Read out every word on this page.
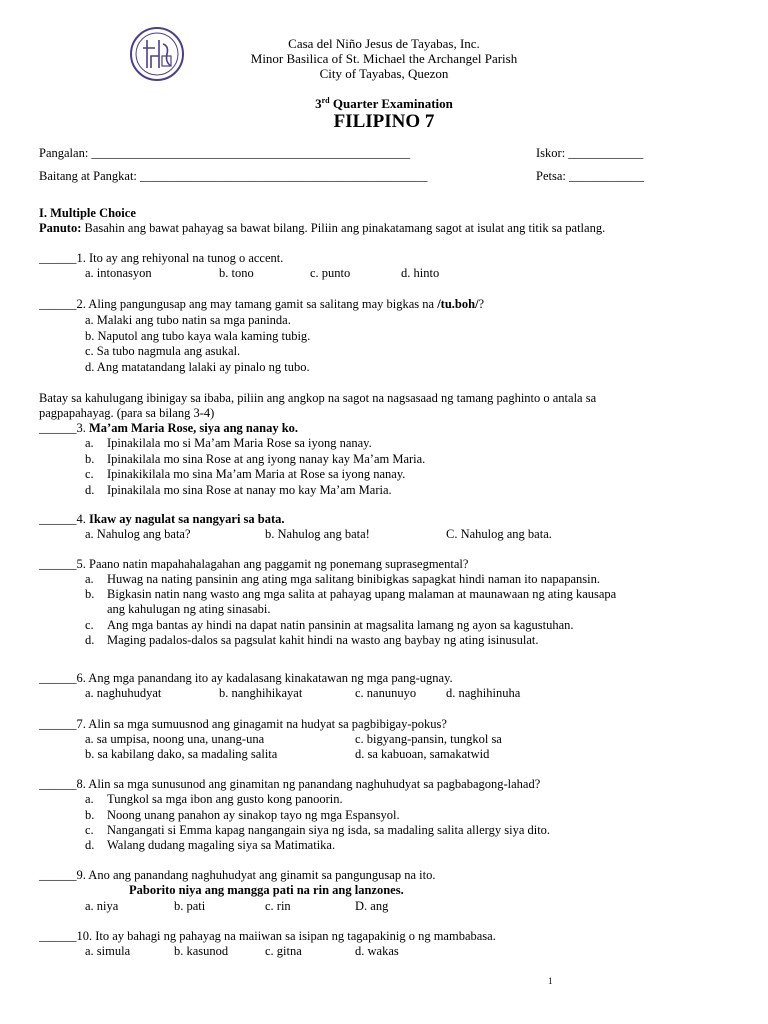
Casa del Niño Jesus de Tayabas, Inc.
Minor Basilica of St. Michael the Archangel Parish
City of Tayabas, Quezon
3rd Quarter Examination
FILIPINO 7
Pangalan: ___________________________________________________	Iskor: ____________
Baitang at Pangkat: ______________________________________________	Petsa: ____________
I. Multiple Choice
Panuto: Basahin ang bawat pahayag sa bawat bilang. Piliin ang pinakatamang sagot at isulat ang titik sa patlang.
______1. Ito ay ang rehiyonal na tunog o accent.
a. intonasyon	b. tono	c. punto	d. hinto
______2. Aling pangungusap ang may tamang gamit sa salitang may bigkas na /tu.boh/?
a. Malaki ang tubo natin sa mga paninda.
b. Naputol ang tubo kaya wala kaming tubig.
c. Sa tubo nagmula ang asukal.
d. Ang matatandang lalaki ay pinalo ng tubo.
Batay sa kahulugang ibinigay sa ibaba, piliin ang angkop na sagot na nagsasaad ng tamang paghinto o antala sa
pagpapahayag. (para sa bilang 3-4)
______3. Ma’am Maria Rose, siya ang nanay ko.
a. Ipinakilala mo si Ma’am Maria Rose sa iyong nanay.
b. Ipinakilala mo sina Rose at ang iyong nanay kay Ma’am Maria.
c. Ipinakikilala mo sina Ma’am Maria at Rose sa iyong nanay.
d. Ipinakilala mo sina Rose at nanay mo kay Ma’am Maria.
______4. Ikaw ay nagulat sa nangyari sa bata.
a. Nahulog ang bata?	b. Nahulog ang bata!	C. Nahulog ang bata.
______5. Paano natin mapahahalagahan ang paggamit ng ponemang suprasegmental?
a. Huwag na nating pansinin ang ating mga salitang binibigkas sapagkat hindi naman ito napapansin.
b. Bigkasin natin nang wasto ang mga salita at pahayag upang malaman at maunawaan ng ating kausapa
ang kahulugan ng ating sinasabi.
c. Ang mga bantas ay hindi na dapat natin pansinin at magsalita lamang ng ayon sa kagustuhan.
d. Maging padalos-dalos sa pagsulat kahit hindi na wasto ang baybay ng ating isinusulat.
______6. Ang mga panandang ito ay kadalasang kinakatawan ng mga pang-ugnay.
a. naghuhudyat	b. nanghihikayat	c. nanunuyo d. naghihinuha
______7. Alin sa mga sumuusnod ang ginagamit na hudyat sa pagbibigay-pokus?
a. sa umpisa, noong una, unang-una	c. bigyang-pansin, tungkol sa
b. sa kabilang dako, sa madaling salita	d. sa kabuoan, samakatwid
______8. Alin sa mga sunusunod ang ginamitan ng panandang naghuhudyat sa pagbabagong-lahad?
a. Tungkol sa mga ibon ang gusto kong panoorin.
b. Noong unang panahon ay sinakop tayo ng mga Espansyol.
c. Nangangati si Emma kapag nangangain siya ng isda, sa madaling salita allergy siya dito.
d. Walang dudang magaling siya sa Matimatika.
______9. Ano ang panandang naghuhudyat ang ginamit sa pangungusap na ito.
Paborito niya ang mangga pati na rin ang lanzones.
a. niya	b. pati	c. rin	D. ang
______10. Ito ay bahagi ng pahayag na maiiwan sa isipan ng tagapakinig o ng mambabasa.
a. simula	b. kasunod	c. gitna	d. wakas
1
